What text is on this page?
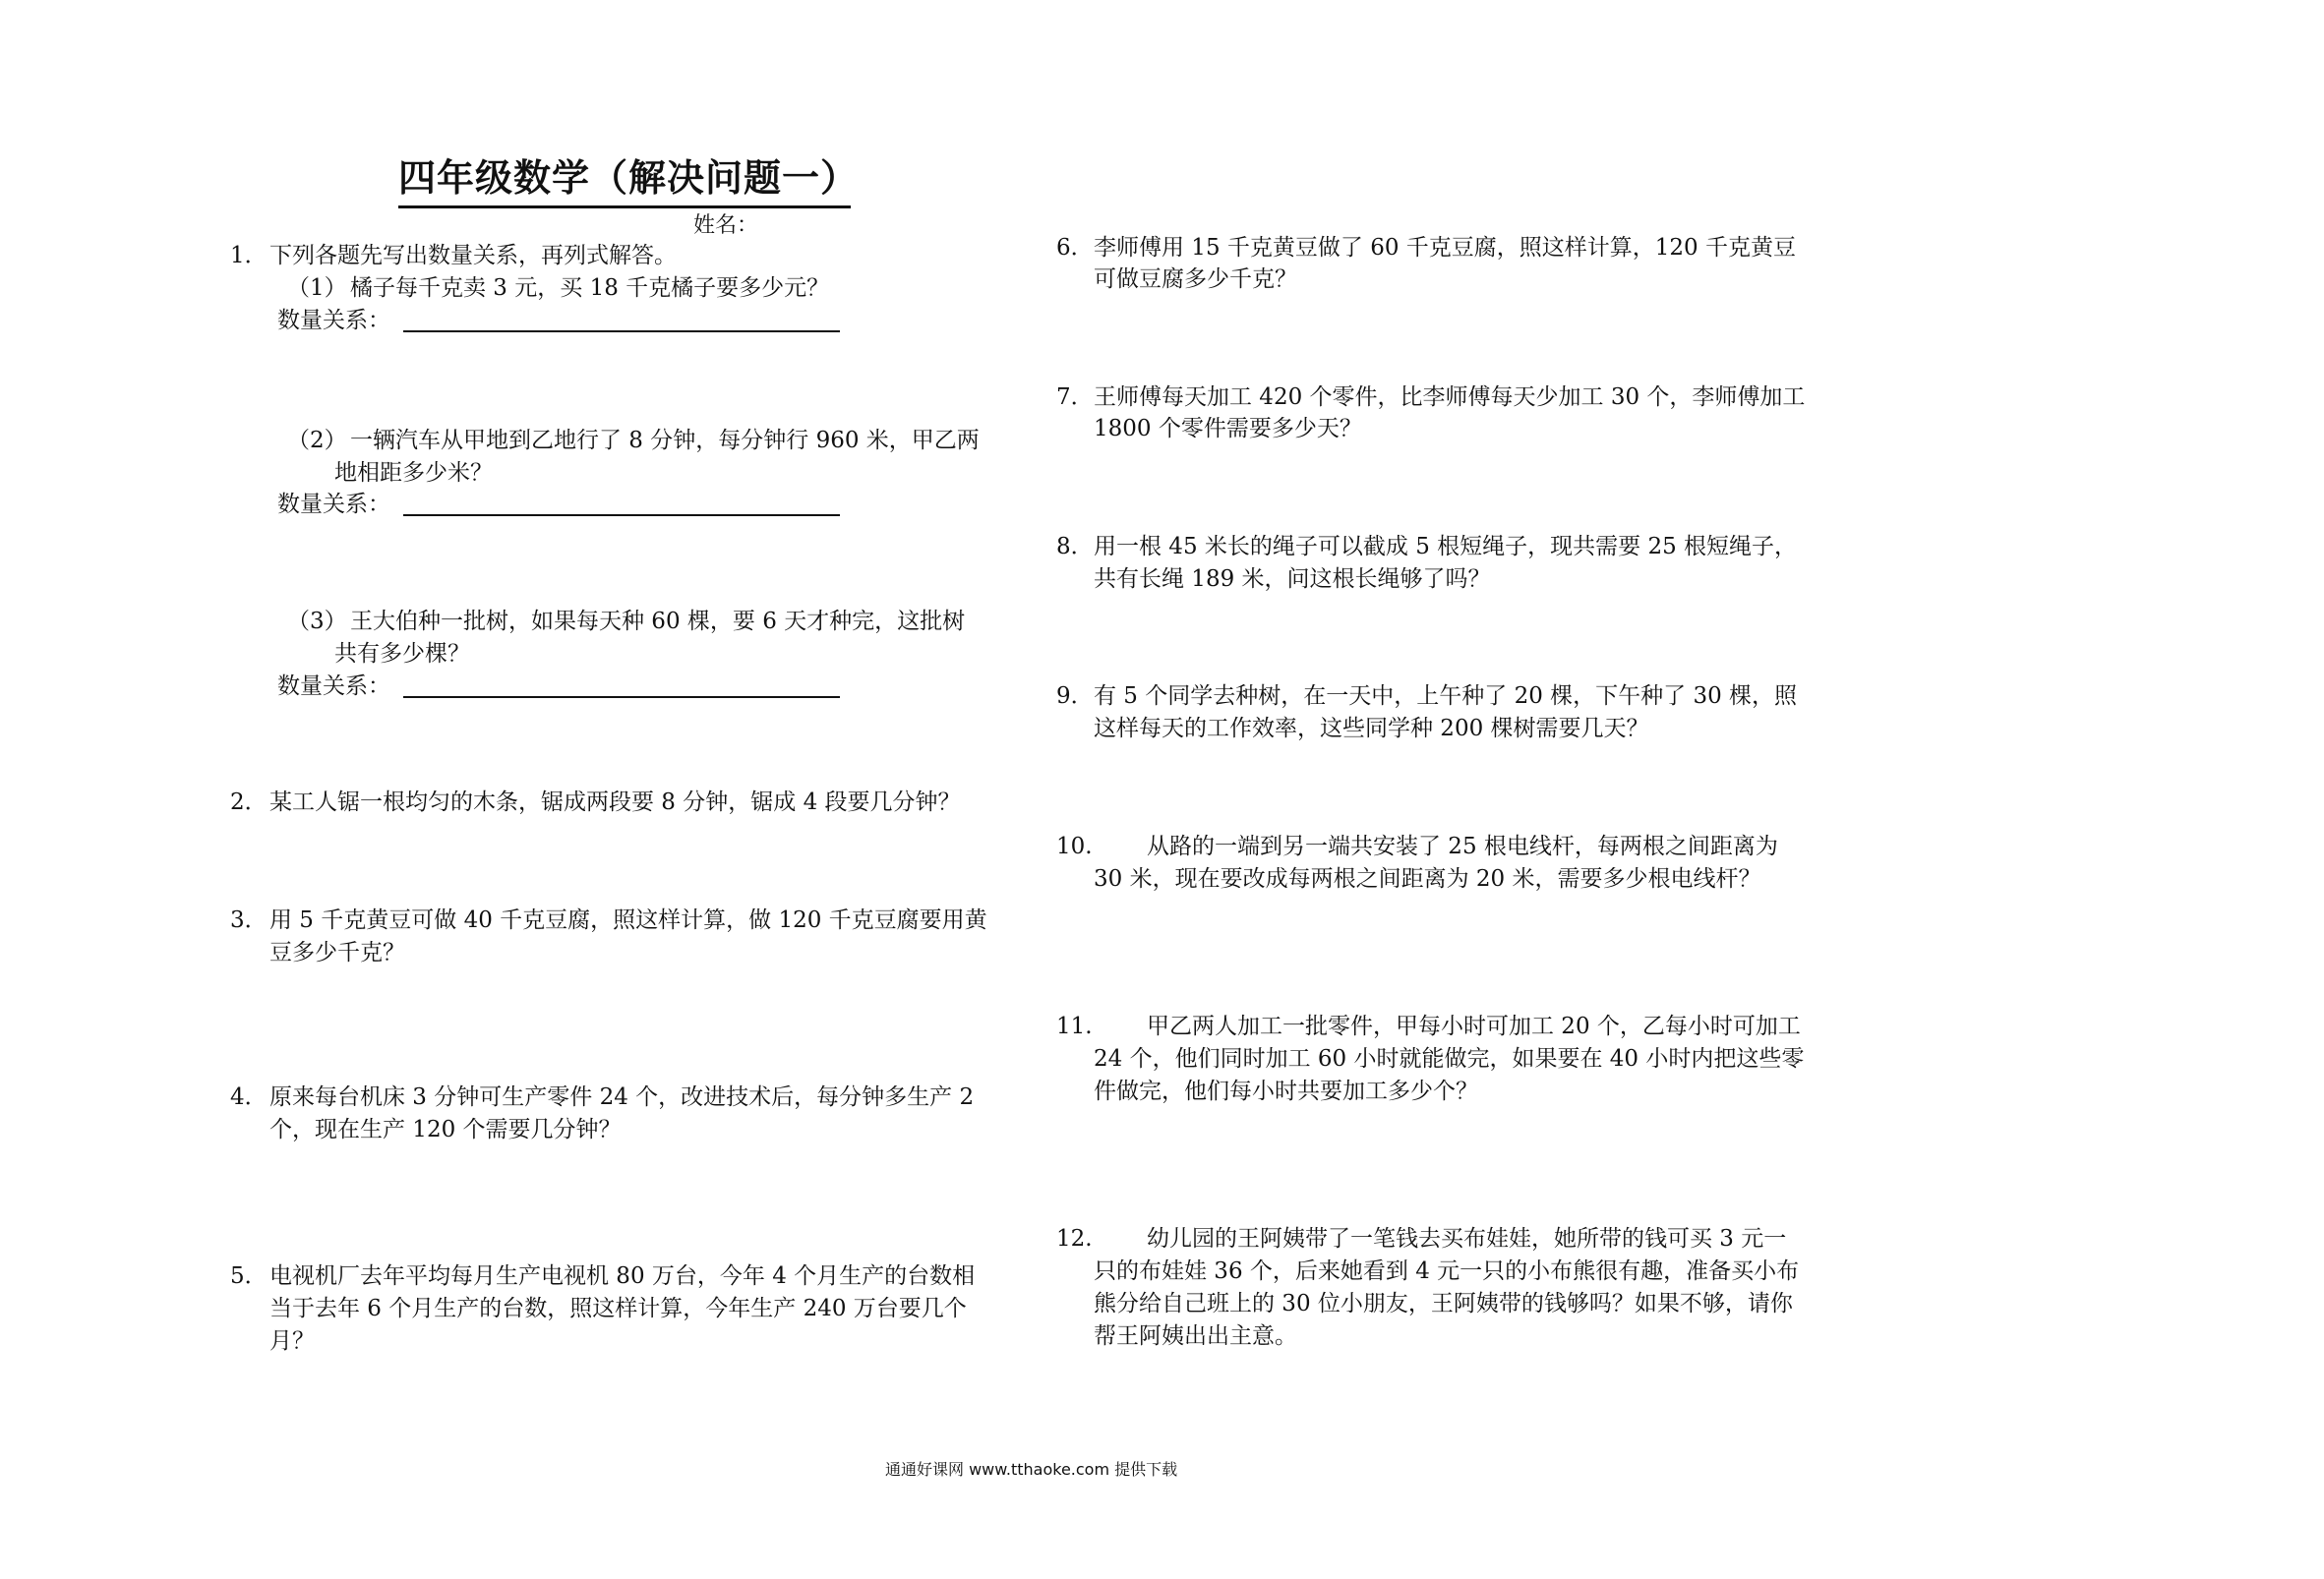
四年级数学（解决问题一）
姓名：
1． 下列各题先写出数量关系，再列式解答。
（1） 橘子每千克卖 3 元，买 18 千克橘子要多少元？
数量关系：
（2） 一辆汽车从甲地到乙地行了 8 分钟，每分钟行 960 米，甲乙两
地相距多少米？
数量关系：
（3） 王大伯种一批树，如果每天种 60 棵，要 6 天才种完，这批树
共有多少棵？
数量关系：
2． 某工人锯一根均匀的木条，锯成两段要 8 分钟，锯成 4 段要几分钟？
3． 用 5 千克黄豆可做 40 千克豆腐，照这样计算，做 120 千克豆腐要用黄
豆多少千克？
4． 原来每台机床 3 分钟可生产零件 24 个，改进技术后，每分钟多生产 2
个，现在生产 120 个需要几分钟？
5． 电视机厂去年平均每月生产电视机 80 万台，今年 4 个月生产的台数相
当于去年 6 个月生产的台数，照这样计算，今年生产 240 万台要几个
月？
6． 李师傅用 15 千克黄豆做了 60 千克豆腐，照这样计算，120 千克黄豆
可做豆腐多少千克？
7． 王师傅每天加工 420 个零件，比李师傅每天少加工 30 个，李师傅加工
1800 个零件需要多少天？
8． 用一根 45 米长的绳子可以截成 5 根短绳子，现共需要 25 根短绳子，
共有长绳 189 米，问这根长绳够了吗？
9． 有 5 个同学去种树，在一天中，上午种了 20 棵，下午种了 30 棵，照
这样每天的工作效率，这些同学种 200 棵树需要几天？
10. 从路的一端到另一端共安装了 25 根电线杆，每两根之间距离为
30 米，现在要改成每两根之间距离为 20 米，需要多少根电线杆？
11. 甲乙两人加工一批零件，甲每小时可加工 20 个，乙每小时可加工
24 个，他们同时加工 60 小时就能做完，如果要在 40 小时内把这些零
件做完，他们每小时共要加工多少个？
12. 幼儿园的王阿姨带了一笔钱去买布娃娃，她所带的钱可买 3 元一
只的布娃娃 36 个，后来她看到 4 元一只的小布熊很有趣，准备买小布
熊分给自己班上的 30 位小朋友，王阿姨带的钱够吗？如果不够，请你
帮王阿姨出出主意。
通通好课网 www.tthaoke.com 提供下载
